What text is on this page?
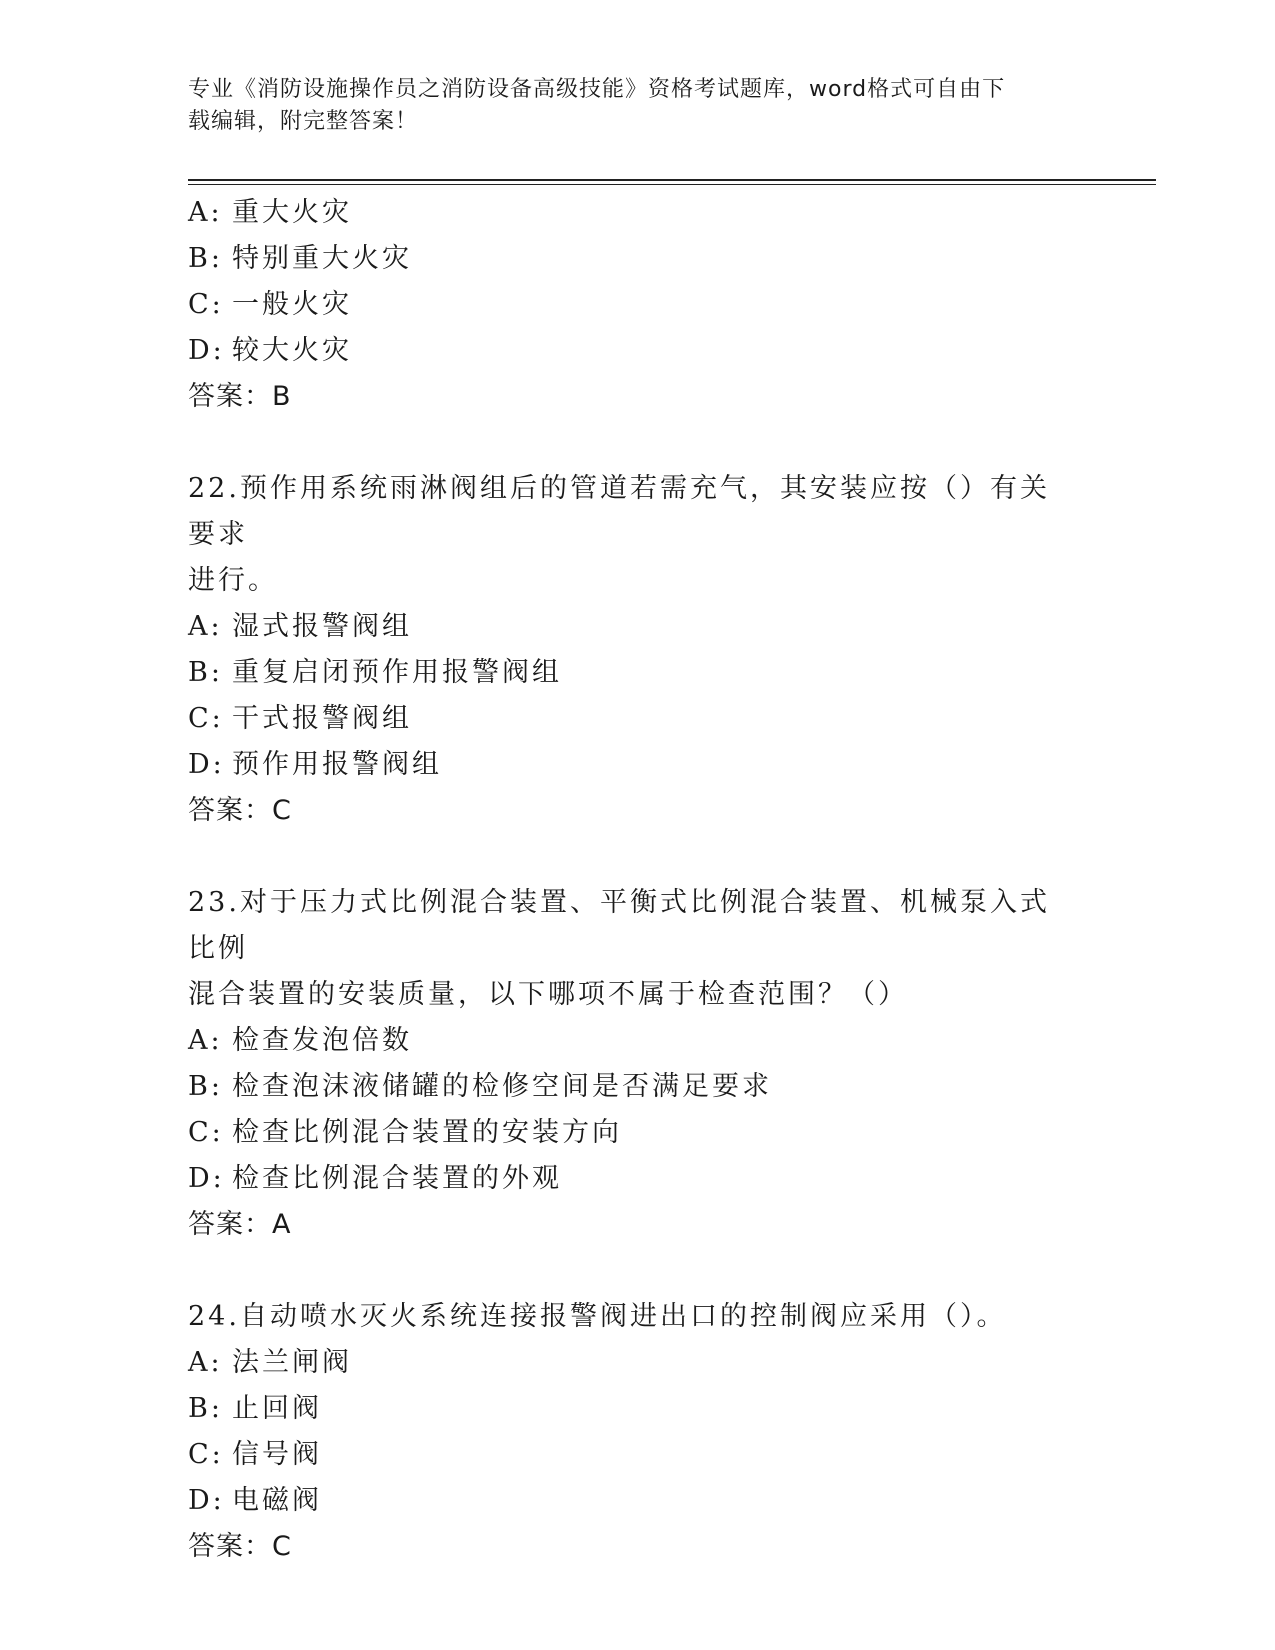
专业《消防设施操作员之消防设备高级技能》资格考试题库，word格式可自由下
载编辑，附完整答案！
A: 重大火灾
B: 特别重大火灾
C: 一般火灾
D: 较大火灾
答案：B
22.预作用系统雨淋阀组后的管道若需充气，其安装应按（）有关要求
进行。
A: 湿式报警阀组
B: 重复启闭预作用报警阀组
C: 干式报警阀组
D: 预作用报警阀组
答案：C
23.对于压力式比例混合装置、平衡式比例混合装置、机械泵入式比例
混合装置的安装质量，以下哪项不属于检查范围？（）
A: 检查发泡倍数
B: 检查泡沫液储罐的检修空间是否满足要求
C: 检查比例混合装置的安装方向
D: 检查比例混合装置的外观
答案：A
24.自动喷水灭火系统连接报警阀进出口的控制阀应采用（）。
A: 法兰闸阀
B: 止回阀
C: 信号阀
D: 电磁阀
答案：C
